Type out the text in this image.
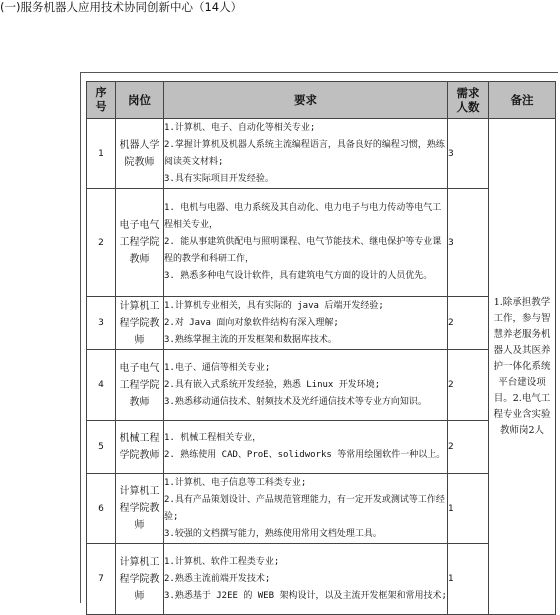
(一)服务机器人应用技术协同创新中心（14人）
序号	岗位	要求	需求人数	备注
1	机器人学院教师	1.计算机、电子、自动化等相关专业;
2.掌握计算机及机器人系统主流编程语言，具备良好的编程习惯，熟练阅读英文材料;
3.具有实际项目开发经验。	3	1.除承担教学工作，参与智慧养老服务机器人及其医养护一体化系统平台建设项目。2.电气工程专业含实验教师岗2人
2	电子电气工程学院教师	1. 电机与电器、电力系统及其自动化、电力电子与电力传动等电气工程相关专业，
2. 能从事建筑供配电与照明课程、电气节能技术、继电保护等专业课程的教学和科研工作，
3. 熟悉多种电气设计软件，具有建筑电气方面的设计的人员优先。	3	
3	计算机工程学院教师	1.计算机专业相关，具有实际的 java 后端开发经验;
2.对 Java 面向对象软件结构有深入理解;
3.熟练掌握主流的开发框架和数据库技术。	2	
4	电子电气工程学院教师	1.电子、通信等相关专业;
2.具有嵌入式系统开发经验，熟悉 Linux 开发环境;
3.熟悉移动通信技术、射频技术及光纤通信技术等专业方向知识。	2	
5	机械工程学院教师	1. 机械工程相关专业，
2. 熟练使用 CAD、ProE、solidworks 等常用绘图软件一种以上。	2	
6	计算机工程学院教师	1.计算机、电子信息等工科类专业;
2.具有产品策划设计、产品规范管理能力，有一定开发或测试等工作经验;
3.较强的文档撰写能力，熟练使用常用文档处理工具。	1	
7	计算机工程学院教师	1.计算机、软件工程类专业;
2.熟悉主流前端开发技术;
3.熟悉基于 J2EE 的 WEB 架构设计，以及主流开发框架和常用技术;	1	
